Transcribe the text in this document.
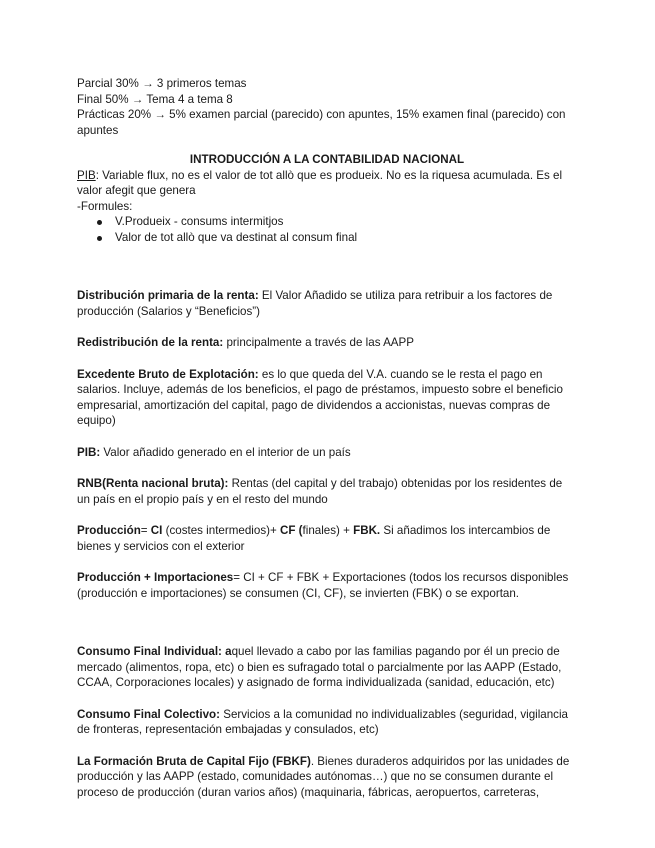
Parcial 30% → 3 primeros temas

Final 50% → Tema 4 a tema 8

Prácticas 20% → 5% examen parcial (parecido) con apuntes, 15% examen final (parecido) con apuntes

INTRODUCCIÓN A LA CONTABILIDAD NACIONAL

PIB: Variable flux, no es el valor de tot allò que es produeix. No es la riquesa acumulada. Es el valor afegit que genera

-Formules:

V.Produeix - consums intermitjos
Valor de tot allò que va destinat al consum final

Distribución primaria de la renta: El Valor Añadido se utiliza para retribuir a los factores de producción (Salarios y “Beneficios”)

Redistribución de la renta: principalmente a través de las AAPP

Excedente Bruto de Explotación: es lo que queda del V.A. cuando se le resta el pago en salarios. Incluye, además de los beneficios, el pago de préstamos, impuesto sobre el beneficio empresarial, amortización del capital, pago de dividendos a accionistas, nuevas compras de equipo)

PIB: Valor añadido generado en el interior de un país

RNB(Renta nacional bruta): Rentas (del capital y del trabajo) obtenidas por los residentes de un país en el propio país y en el resto del mundo

Producción= CI (costes intermedios)+ CF (finales) + FBK. Si añadimos los intercambios de bienes y servicios con el exterior

Producción + Importaciones= CI + CF + FBK + Exportaciones (todos los recursos disponibles (producción e importaciones) se consumen (CI, CF), se invierten (FBK) o se exportan.

Consumo Final Individual: aquel llevado a cabo por las familias pagando por él un precio de mercado (alimentos, ropa, etc) o bien es sufragado total o parcialmente por las AAPP (Estado, CCAA, Corporaciones locales) y asignado de forma individualizada (sanidad, educación, etc)

Consumo Final Colectivo: Servicios a la comunidad no individualizables (seguridad, vigilancia de fronteras, representación embajadas y consulados, etc)

La Formación Bruta de Capital Fijo (FBKF). Bienes duraderos adquiridos por las unidades de producción y las AAPP (estado, comunidades autónomas…) que no se consumen durante el proceso de producción (duran varios años) (maquinaria, fábricas, aeropuertos, carreteras,
